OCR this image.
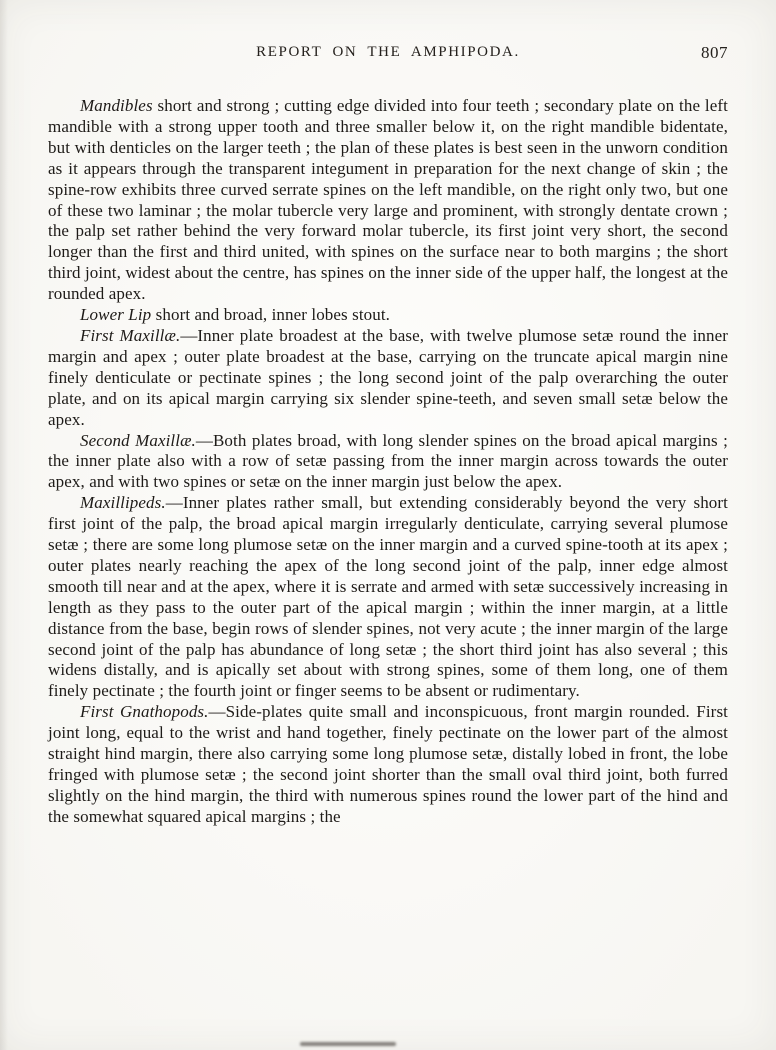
REPORT ON THE AMPHIPODA.	807

Mandibles short and strong ; cutting edge divided into four teeth ; secondary plate on the left mandible with a strong upper tooth and three smaller below it, on the right mandible bidentate, but with denticles on the larger teeth ; the plan of these plates is best seen in the unworn condition as it appears through the transparent integument in preparation for the next change of skin ; the spine-row exhibits three curved serrate spines on the left mandible, on the right only two, but one of these two laminar ; the molar tubercle very large and prominent, with strongly dentate crown ; the palp set rather behind the very forward molar tubercle, its first joint very short, the second longer than the first and third united, with spines on the surface near to both margins ; the short third joint, widest about the centre, has spines on the inner side of the upper half, the longest at the rounded apex.

Lower Lip short and broad, inner lobes stout.

First Maxillæ.—Inner plate broadest at the base, with twelve plumose setæ round the inner margin and apex ; outer plate broadest at the base, carrying on the truncate apical margin nine finely denticulate or pectinate spines ; the long second joint of the palp overarching the outer plate, and on its apical margin carrying six slender spine-teeth, and seven small setæ below the apex.

Second Maxillæ.—Both plates broad, with long slender spines on the broad apical margins ; the inner plate also with a row of setæ passing from the inner margin across towards the outer apex, and with two spines or setæ on the inner margin just below the apex.

Maxillipeds.—Inner plates rather small, but extending considerably beyond the very short first joint of the palp, the broad apical margin irregularly denticulate, carrying several plumose setæ ; there are some long plumose setæ on the inner margin and a curved spine-tooth at its apex ; outer plates nearly reaching the apex of the long second joint of the palp, inner edge almost smooth till near and at the apex, where it is serrate and armed with setæ successively increasing in length as they pass to the outer part of the apical margin ; within the inner margin, at a little distance from the base, begin rows of slender spines, not very acute ; the inner margin of the large second joint of the palp has abundance of long setæ ; the short third joint has also several ; this widens distally, and is apically set about with strong spines, some of them long, one of them finely pectinate ; the fourth joint or finger seems to be absent or rudimentary.

First Gnathopods.—Side-plates quite small and inconspicuous, front margin rounded. First joint long, equal to the wrist and hand together, finely pectinate on the lower part of the almost straight hind margin, there also carrying some long plumose setæ, distally lobed in front, the lobe fringed with plumose setæ ; the second joint shorter than the small oval third joint, both furred slightly on the hind margin, the third with numerous spines round the lower part of the hind and the somewhat squared apical margins ; the
